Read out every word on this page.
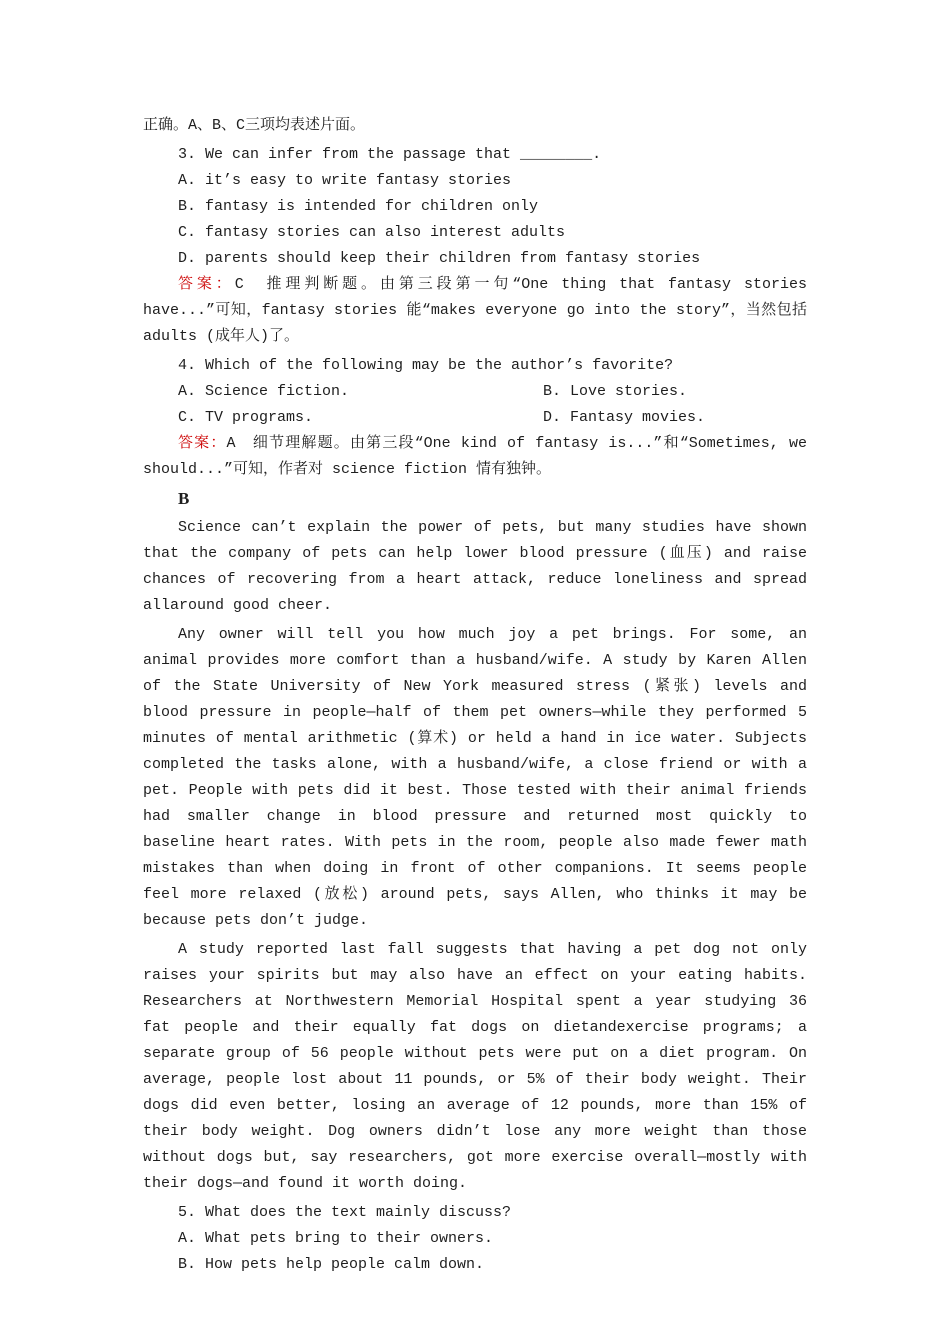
正确。A、B、C三项均表述片面。

3. We can infer from the passage that ________.

A. it’s easy to write fantasy stories
B. fantasy is intended for children only
C. fantasy stories can also interest adults
D. parents should keep their children from fantasy stories

答案：C　推理判断题。由第三段第一句“One thing that fantasy stories have...”可知，fantasy stories 能“makes everyone go into the story”，当然包括 adults (成年人)了。

4. Which of the following may be the author’s favorite?

A. Science fiction.	B. Love stories.
C. TV programs.	D. Fantasy movies.

答案：A　细节理解题。由第三段“One kind of fantasy is...”和“Sometimes, we should...”可知，作者对 science fiction 情有独钟。

B

Science can’t explain the power of pets, but many studies have shown that the company of pets can help lower blood pressure (血压) and raise chances of recovering from a heart attack, reduce loneliness and spread allaround good cheer.

Any owner will tell you how much joy a pet brings. For some, an animal provides more comfort than a husband/wife. A study by Karen Allen of the State University of New York measured stress (紧张) levels and blood pressure in people—half of them pet owners—while they performed 5 minutes of mental arithmetic (算术) or held a hand in ice water. Subjects completed the tasks alone, with a husband/wife, a close friend or with a pet. People with pets did it best. Those tested with their animal friends had smaller change in blood pressure and returned most quickly to baseline heart rates. With pets in the room, people also made fewer math mistakes than when doing in front of other companions. It seems people feel more relaxed (放松) around pets, says Allen, who thinks it may be because pets don’t judge.

A study reported last fall suggests that having a pet dog not only raises your spirits but may also have an effect on your eating habits. Researchers at Northwestern Memorial Hospital spent a year studying 36 fat people and their equally fat dogs on dietandexercise programs; a separate group of 56 people without pets were put on a diet program. On average, people lost about 11 pounds, or 5% of their body weight. Their dogs did even better, losing an average of 12 pounds, more than 15% of their body weight. Dog owners didn’t lose any more weight than those without dogs but, say researchers, got more exercise overall—mostly with their dogs—and found it worth doing.

5. What does the text mainly discuss?

A. What pets bring to their owners.
B. How pets help people calm down.
